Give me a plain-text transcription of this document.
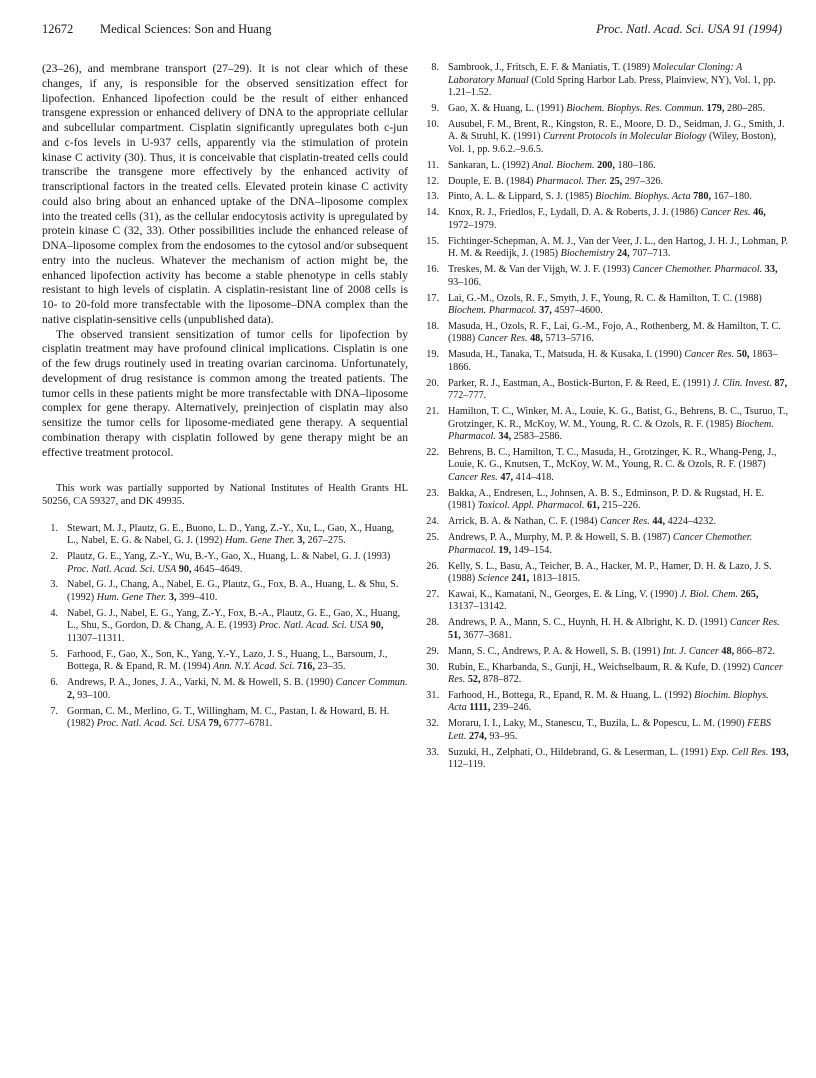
12672 Medical Sciences: Son and Huang	Proc. Natl. Acad. Sci. USA 91 (1994)

(23–26), and membrane transport (27–29). It is not clear which of these changes, if any, is responsible for the observed sensitization effect for lipofection. Enhanced lipofection could be the result of either enhanced transgene expression or enhanced delivery of DNA to the appropriate cellular and subcellular compartment. Cisplatin significantly upregulates both c-jun and c-fos levels in U-937 cells, apparently via the stimulation of protein kinase C activity (30). Thus, it is conceivable that cisplatin-treated cells could transcribe the transgene more effectively by the enhanced activity of transcriptional factors in the treated cells. Elevated protein kinase C activity could also bring about an enhanced uptake of the DNA–liposome complex into the treated cells (31), as the cellular endocytosis activity is upregulated by protein kinase C (32, 33). Other possibilities include the enhanced release of DNA–liposome complex from the endosomes to the cytosol and/or subsequent entry into the nucleus. Whatever the mechanism of action might be, the enhanced lipofection activity has become a stable phenotype in cells stably resistant to high levels of cisplatin. A cisplatin-resistant line of 2008 cells is 10- to 20-fold more transfectable with the liposome–DNA complex than the native cisplatin-sensitive cells (unpublished data).

The observed transient sensitization of tumor cells for lipofection by cisplatin treatment may have profound clinical implications. Cisplatin is one of the few drugs routinely used in treating ovarian carcinoma. Unfortunately, development of drug resistance is common among the treated patients. The tumor cells in these patients might be more transfectable with DNA–liposome complex for gene therapy. Alternatively, preinjection of cisplatin may also sensitize the tumor cells for liposome-mediated gene therapy. A sequential combination therapy with cisplatin followed by gene therapy might be an effective treatment protocol.

This work was partially supported by National Institutes of Health Grants HL 50256, CA 59327, and DK 49935.

1. Stewart, M. J., Plautz, G. E., Buono, L. D., Yang, Z.-Y., Xu, L., Gao, X., Huang, L., Nabel, E. G. & Nabel, G. J. (1992) Hum. Gene Ther. 3, 267–275.
2. Plautz, G. E., Yang, Z.-Y., Wu, B.-Y., Gao, X., Huang, L. & Nabel, G. J. (1993) Proc. Natl. Acad. Sci. USA 90, 4645–4649.
3. Nabel, G. J., Chang, A., Nabel, E. G., Plautz, G., Fox, B. A., Huang, L. & Shu, S. (1992) Hum. Gene Ther. 3, 399–410.
4. Nabel, G. J., Nabel, E. G., Yang, Z.-Y., Fox, B.-A., Plautz, G. E., Gao, X., Huang, L., Shu, S., Gordon, D. & Chang, A. E. (1993) Proc. Natl. Acad. Sci. USA 90, 11307–11311.
5. Farhood, F., Gao, X., Son, K., Yang, Y.-Y., Lazo, J. S., Huang, L., Barsoum, J., Bottega, R. & Epand, R. M. (1994) Ann. N.Y. Acad. Sci. 716, 23–35.
6. Andrews, P. A., Jones, J. A., Varki, N. M. & Howell, S. B. (1990) Cancer Commun. 2, 93–100.
7. Gorman, C. M., Merlino, G. T., Willingham, M. C., Pastan, I. & Howard, B. H. (1982) Proc. Natl. Acad. Sci. USA 79, 6777–6781.
8. Sambrook, J., Fritsch, E. F. & Maniatis, T. (1989) Molecular Cloning: A Laboratory Manual (Cold Spring Harbor Lab. Press, Plainview, NY), Vol. 1, pp. 1.21–1.52.
9. Gao, X. & Huang, L. (1991) Biochem. Biophys. Res. Commun. 179, 280–285.
10. Ausubel, F. M., Brent, R., Kingston, R. E., Moore, D. D., Seidman, J. G., Smith, J. A. & Struhl, K. (1991) Current Protocols in Molecular Biology (Wiley, Boston), Vol. 1, pp. 9.6.2.–9.6.5.
11. Sankaran, L. (1992) Anal. Biochem. 200, 180–186.
12. Douple, E. B. (1984) Pharmacol. Ther. 25, 297–326.
13. Pinto, A. L. & Lippard, S. J. (1985) Biochim. Biophys. Acta 780, 167–180.
14. Knox, R. J., Friedlos, F., Lydall, D. A. & Roberts, J. J. (1986) Cancer Res. 46, 1972–1979.
15. Fichtinger-Schepman, A. M. J., Van der Veer, J. L., den Hartog, J. H. J., Lohman, P. H. M. & Reedijk, J. (1985) Biochemistry 24, 707–713.
16. Treskes, M. & Van der Vijgh, W. J. F. (1993) Cancer Chemother. Pharmacol. 33, 93–106.
17. Lai, G.-M., Ozols, R. F., Smyth, J. F., Young, R. C. & Hamilton, T. C. (1988) Biochem. Pharmacol. 37, 4597–4600.
18. Masuda, H., Ozols, R. F., Lai, G.-M., Fojo, A., Rothenberg, M. & Hamilton, T. C. (1988) Cancer Res. 48, 5713–5716.
19. Masuda, H., Tanaka, T., Matsuda, H. & Kusaka, I. (1990) Cancer Res. 50, 1863–1866.
20. Parker, R. J., Eastman, A., Bostick-Burton, F. & Reed, E. (1991) J. Clin. Invest. 87, 772–777.
21. Hamilton, T. C., Winker, M. A., Louie, K. G., Batist, G., Behrens, B. C., Tsuruo, T., Grotzinger, K. R., McKoy, W. M., Young, R. C. & Ozols, R. F. (1985) Biochem. Pharmacol. 34, 2583–2586.
22. Behrens, B. C., Hamilton, T. C., Masuda, H., Grotzinger, K. R., Whang-Peng, J., Louie, K. G., Knutsen, T., McKoy, W. M., Young, R. C. & Ozols, R. F. (1987) Cancer Res. 47, 414–418.
23. Bakka, A., Endresen, L., Johnsen, A. B. S., Edminson, P. D. & Rugstad, H. E. (1981) Toxicol. Appl. Pharmacol. 61, 215–226.
24. Arrick, B. A. & Nathan, C. F. (1984) Cancer Res. 44, 4224–4232.
25. Andrews, P. A., Murphy, M. P. & Howell, S. B. (1987) Cancer Chemother. Pharmacol. 19, 149–154.
26. Kelly, S. L., Basu, A., Teicher, B. A., Hacker, M. P., Hamer, D. H. & Lazo, J. S. (1988) Science 241, 1813–1815.
27. Kawai, K., Kamatani, N., Georges, E. & Ling, V. (1990) J. Biol. Chem. 265, 13137–13142.
28. Andrews, P. A., Mann, S. C., Huynh, H. H. & Albright, K. D. (1991) Cancer Res. 51, 3677–3681.
29. Mann, S. C., Andrews, P. A. & Howell, S. B. (1991) Int. J. Cancer 48, 866–872.
30. Rubin, E., Kharbanda, S., Gunji, H., Weichselbaum, R. & Kufe, D. (1992) Cancer Res. 52, 878–872.
31. Farhood, H., Bottega, R., Epand, R. M. & Huang, L. (1992) Biochim. Biophys. Acta 1111, 239–246.
32. Moraru, I. I., Laky, M., Stanescu, T., Buzila, L. & Popescu, L. M. (1990) FEBS Lett. 274, 93–95.
33. Suzuki, H., Zelphati, O., Hildebrand, G. & Leserman, L. (1991) Exp. Cell Res. 193, 112–119.
